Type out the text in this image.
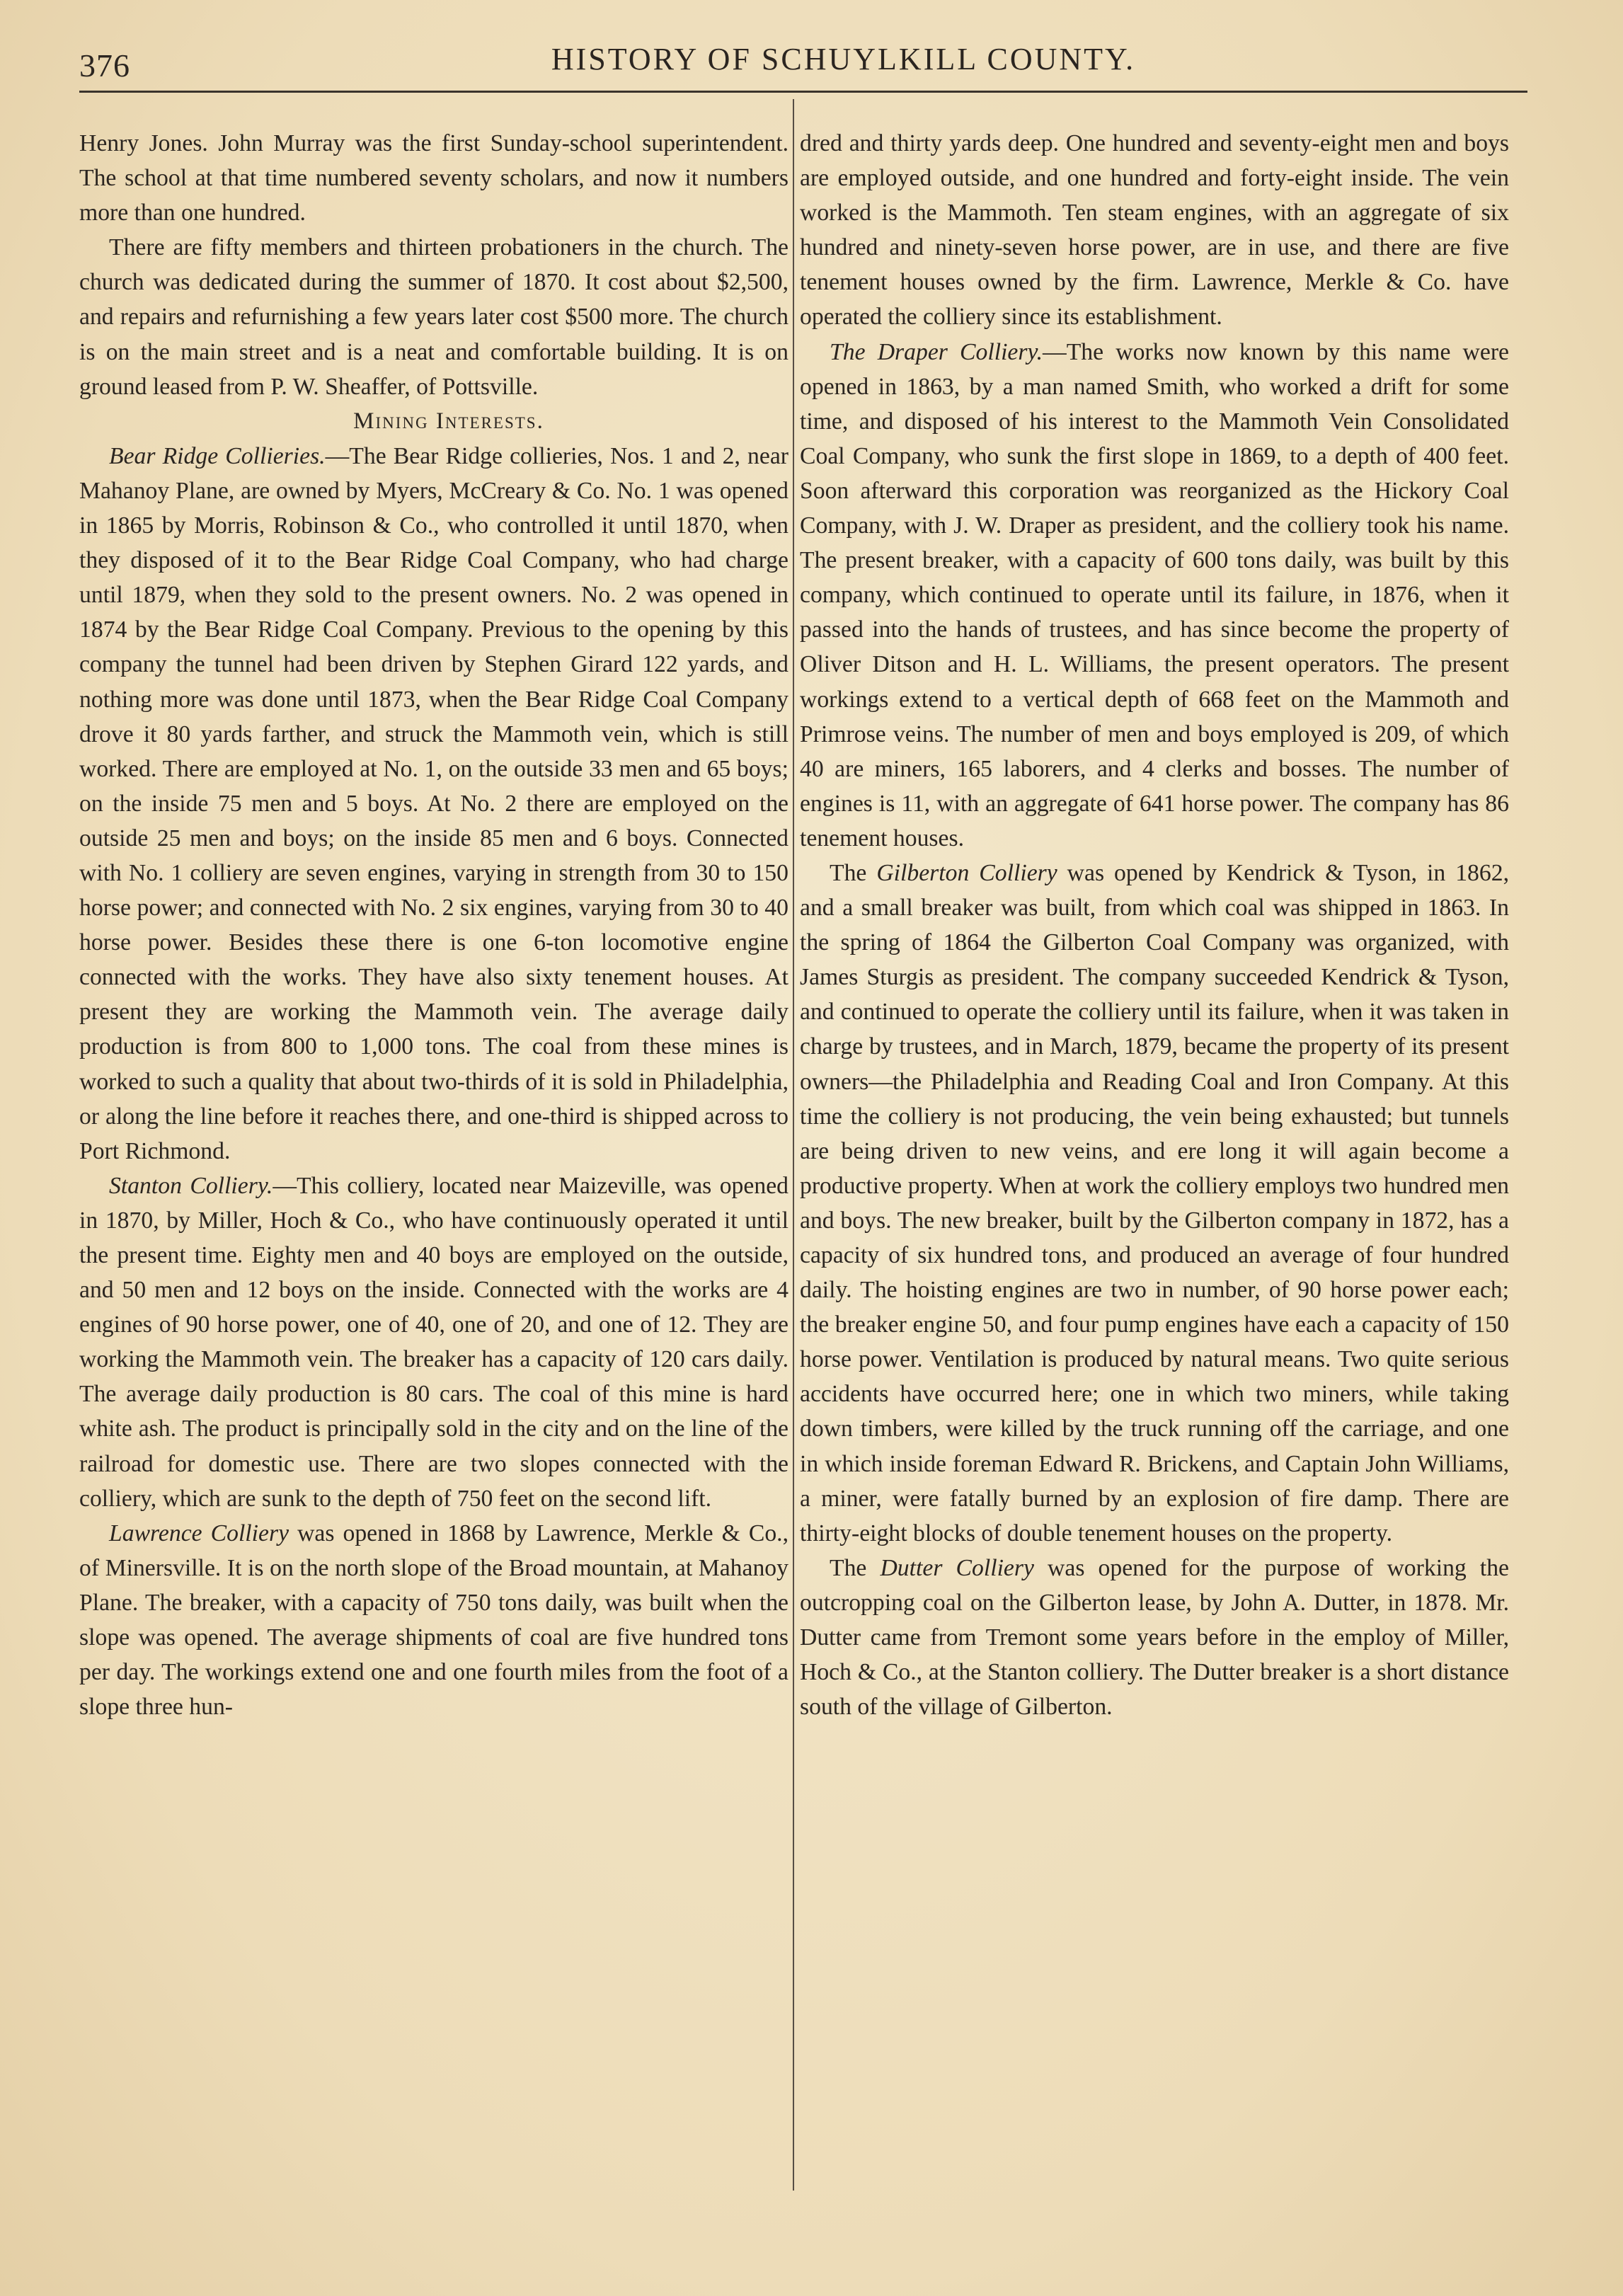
376	HISTORY OF SCHUYLKILL COUNTY.

Henry Jones. John Murray was the first Sunday-school superintendent. The school at that time numbered seventy scholars, and now it numbers more than one hundred.

There are fifty members and thirteen probationers in the church. The church was dedicated during the summer of 1870. It cost about $2,500, and repairs and refurnishing a few years later cost $500 more. The church is on the main street and is a neat and comfortable building. It is on ground leased from P. W. Sheaffer, of Pottsville.

Mining Interests.

Bear Ridge Collieries.—The Bear Ridge collieries, Nos. 1 and 2, near Mahanoy Plane, are owned by Myers, McCreary & Co. No. 1 was opened in 1865 by Morris, Robinson & Co., who controlled it until 1870, when they disposed of it to the Bear Ridge Coal Company, who had charge until 1879, when they sold to the present owners. No. 2 was opened in 1874 by the Bear Ridge Coal Company. Previous to the opening by this company the tunnel had been driven by Stephen Girard 122 yards, and nothing more was done until 1873, when the Bear Ridge Coal Company drove it 80 yards farther, and struck the Mammoth vein, which is still worked. There are employed at No. 1, on the outside 33 men and 65 boys; on the inside 75 men and 5 boys. At No. 2 there are employed on the outside 25 men and boys; on the inside 85 men and 6 boys. Connected with No. 1 colliery are seven engines, varying in strength from 30 to 150 horse power; and connected with No. 2 six engines, varying from 30 to 40 horse power. Besides these there is one 6-ton locomotive engine connected with the works. They have also sixty tenement houses. At present they are working the Mammoth vein. The average daily production is from 800 to 1,000 tons. The coal from these mines is worked to such a quality that about two-thirds of it is sold in Philadelphia, or along the line before it reaches there, and one-third is shipped across to Port Richmond.

Stanton Colliery.—This colliery, located near Maizeville, was opened in 1870, by Miller, Hoch & Co., who have continuously operated it until the present time. Eighty men and 40 boys are employed on the outside, and 50 men and 12 boys on the inside. Connected with the works are 4 engines of 90 horse power, one of 40, one of 20, and one of 12. They are working the Mammoth vein. The breaker has a capacity of 120 cars daily. The average daily production is 80 cars. The coal of this mine is hard white ash. The product is principally sold in the city and on the line of the railroad for domestic use. There are two slopes connected with the colliery, which are sunk to the depth of 750 feet on the second lift.

Lawrence Colliery was opened in 1868 by Lawrence, Merkle & Co., of Minersville. It is on the north slope of the Broad mountain, at Mahanoy Plane. The breaker, with a capacity of 750 tons daily, was built when the slope was opened. The average shipments of coal are five hundred tons per day. The workings extend one and one fourth miles from the foot of a slope three hun-

dred and thirty yards deep. One hundred and seventy-eight men and boys are employed outside, and one hundred and forty-eight inside. The vein worked is the Mammoth. Ten steam engines, with an aggregate of six hundred and ninety-seven horse power, are in use, and there are five tenement houses owned by the firm. Lawrence, Merkle & Co. have operated the colliery since its establishment.

The Draper Colliery.—The works now known by this name were opened in 1863, by a man named Smith, who worked a drift for some time, and disposed of his interest to the Mammoth Vein Consolidated Coal Company, who sunk the first slope in 1869, to a depth of 400 feet. Soon afterward this corporation was reorganized as the Hickory Coal Company, with J. W. Draper as president, and the colliery took his name. The present breaker, with a capacity of 600 tons daily, was built by this company, which continued to operate until its failure, in 1876, when it passed into the hands of trustees, and has since become the property of Oliver Ditson and H. L. Williams, the present operators. The present workings extend to a vertical depth of 668 feet on the Mammoth and Primrose veins. The number of men and boys employed is 209, of which 40 are miners, 165 laborers, and 4 clerks and bosses. The number of engines is 11, with an aggregate of 641 horse power. The company has 86 tenement houses.

The Gilberton Colliery was opened by Kendrick & Tyson, in 1862, and a small breaker was built, from which coal was shipped in 1863. In the spring of 1864 the Gilberton Coal Company was organized, with James Sturgis as president. The company succeeded Kendrick & Tyson, and continued to operate the colliery until its failure, when it was taken in charge by trustees, and in March, 1879, became the property of its present owners—the Philadelphia and Reading Coal and Iron Company. At this time the colliery is not producing, the vein being exhausted; but tunnels are being driven to new veins, and ere long it will again become a productive property. When at work the colliery employs two hundred men and boys. The new breaker, built by the Gilberton company in 1872, has a capacity of six hundred tons, and produced an average of four hundred daily. The hoisting engines are two in number, of 90 horse power each; the breaker engine 50, and four pump engines have each a capacity of 150 horse power. Ventilation is produced by natural means. Two quite serious accidents have occurred here; one in which two miners, while taking down timbers, were killed by the truck running off the carriage, and one in which inside foreman Edward R. Brickens, and Captain John Williams, a miner, were fatally burned by an explosion of fire damp. There are thirty-eight blocks of double tenement houses on the property.

The Dutter Colliery was opened for the purpose of working the outcropping coal on the Gilberton lease, by John A. Dutter, in 1878. Mr. Dutter came from Tremont some years before in the employ of Miller, Hoch & Co., at the Stanton colliery. The Dutter breaker is a short distance south of the village of Gilberton.
